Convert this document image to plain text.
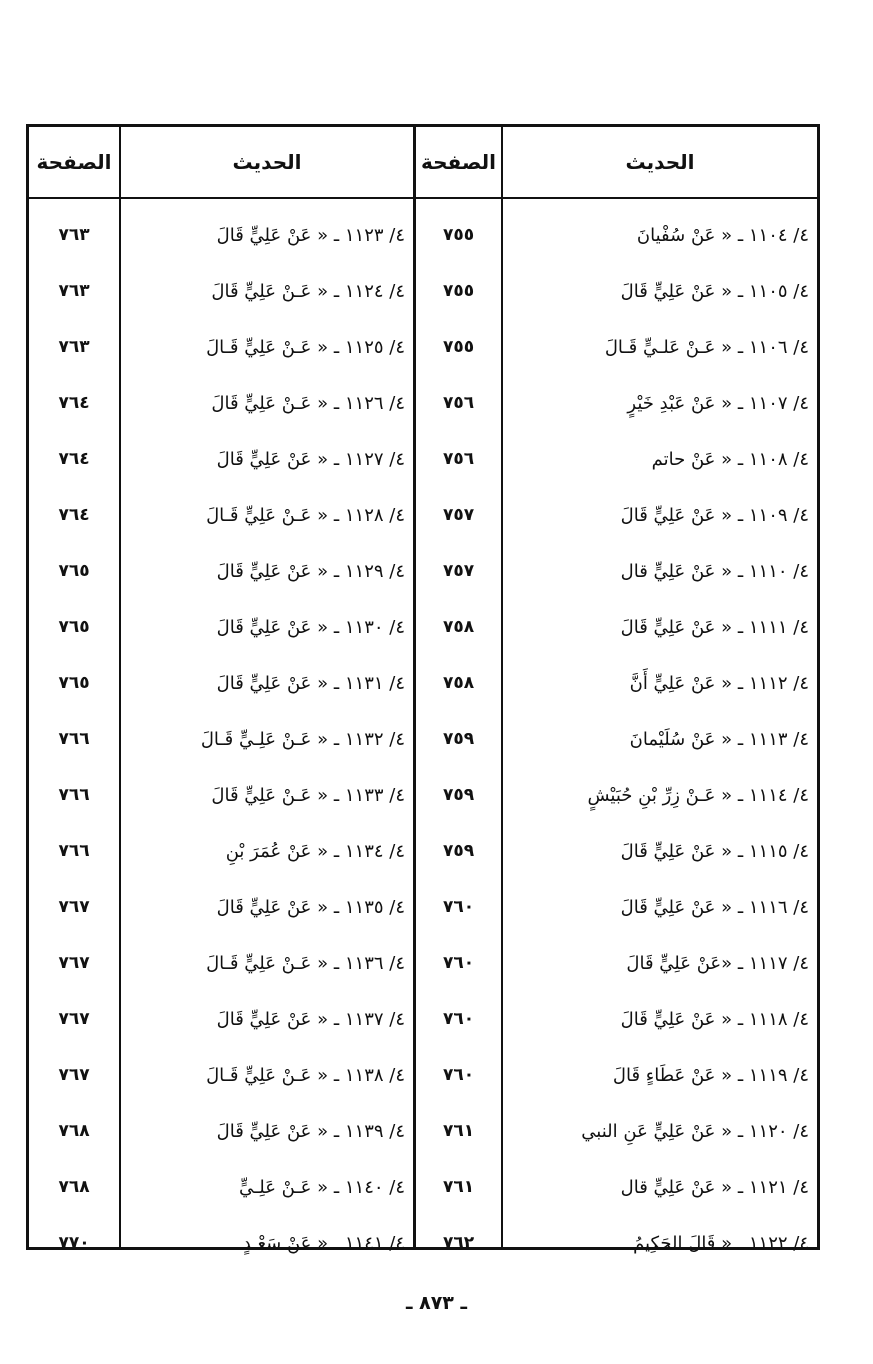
الصفحة	الحديث	الصفحة	الحديث
٧٦٣	٤/ ١١٢٣ ـ « عَنْ عَلِيٍّ قَالَ	٧٥٥	٤/ ١١٠٤ ـ « عَنْ سُفْيانَ
٧٦٣	٤/ ١١٢٤ ـ « عَـنْ عَلِيٍّ قَالَ	٧٥٥	٤/ ١١٠٥ ـ « عَنْ عَلِيٍّ قَالَ
٧٦٣	٤/ ١١٢٥ ـ « عَـنْ عَلِيٍّ قَـالَ	٧٥٥	٤/ ١١٠٦ ـ « عَـنْ عَلـيٍّ قَـالَ
٧٦٤	٤/ ١١٢٦ ـ « عَـنْ عَلِيٍّ قَالَ	٧٥٦	٤/ ١١٠٧ ـ « عَنْ عَبْدِ خَيْرٍ
٧٦٤	٤/ ١١٢٧ ـ « عَنْ عَلِيٍّ قَالَ	٧٥٦	٤/ ١١٠٨ ـ « عَنْ حاتم
٧٦٤	٤/ ١١٢٨ ـ « عَـنْ عَلِيٍّ قَـالَ	٧٥٧	٤/ ١١٠٩ ـ « عَنْ عَلِيٍّ قَالَ
٧٦٥	٤/ ١١٢٩ ـ « عَنْ عَلِيٍّ قَالَ	٧٥٧	٤/ ١١١٠ ـ « عَنْ عَلِيٍّ قال
٧٦٥	٤/ ١١٣٠ ـ « عَنْ عَلِيٍّ قَالَ	٧٥٨	٤/ ١١١١ ـ « عَنْ عَلِيٍّ قَالَ
٧٦٥	٤/ ١١٣١ ـ « عَنْ عَلِيٍّ قَالَ	٧٥٨	٤/ ١١١٢ ـ « عَنْ عَلِيٍّ أَنَّ
٧٦٦	٤/ ١١٣٢ ـ « عَـنْ عَلِـيٍّ قَـالَ	٧٥٩	٤/ ١١١٣ ـ « عَنْ سُلَيْمانَ
٧٦٦	٤/ ١١٣٣ ـ « عَـنْ عَلِيٍّ قَالَ	٧٥٩	٤/ ١١١٤ ـ « عَـنْ زِرِّ بْنِ حُبَيْشٍ
٧٦٦	٤/ ١١٣٤ ـ « عَنْ عُمَرَ بْنِ	٧٥٩	٤/ ١١١٥ ـ « عَنْ عَلِيٍّ قَالَ
٧٦٧	٤/ ١١٣٥ ـ « عَنْ عَلِيٍّ قَالَ	٧٦٠	٤/ ١١١٦ ـ « عَنْ عَلِيٍّ قَالَ
٧٦٧	٤/ ١١٣٦ ـ « عَـنْ عَلِيٍّ قَـالَ	٧٦٠	٤/ ١١١٧ ـ «عَنْ عَلِيٍّ قَالَ
٧٦٧	٤/ ١١٣٧ ـ « عَنْ عَلِيٍّ قَالَ	٧٦٠	٤/ ١١١٨ ـ « عَنْ عَلِيٍّ قَالَ
٧٦٧	٤/ ١١٣٨ ـ « عَـنْ عَلِيٍّ قَـالَ	٧٦٠	٤/ ١١١٩ ـ « عَنْ عَطَاءٍ قَالَ
٧٦٨	٤/ ١١٣٩ ـ « عَنْ عَلِيٍّ قَالَ	٧٦١	٤/ ١١٢٠ ـ « عَنْ عَلِيٍّ عَنِ النبي
٧٦٨	٤/ ١١٤٠ ـ « عَـنْ عَلِـيٍّ	٧٦١	٤/ ١١٢١ ـ « عَنْ عَلِيٍّ قال
٧٧٠	٤/ ١١٤١ ـ « عَنْ سَعْـدٍ	٧٦٢	٤/ ١١٢٢ ـ « قَالَ الحَكِيمُ
ـ ٨٧٣ ـ
